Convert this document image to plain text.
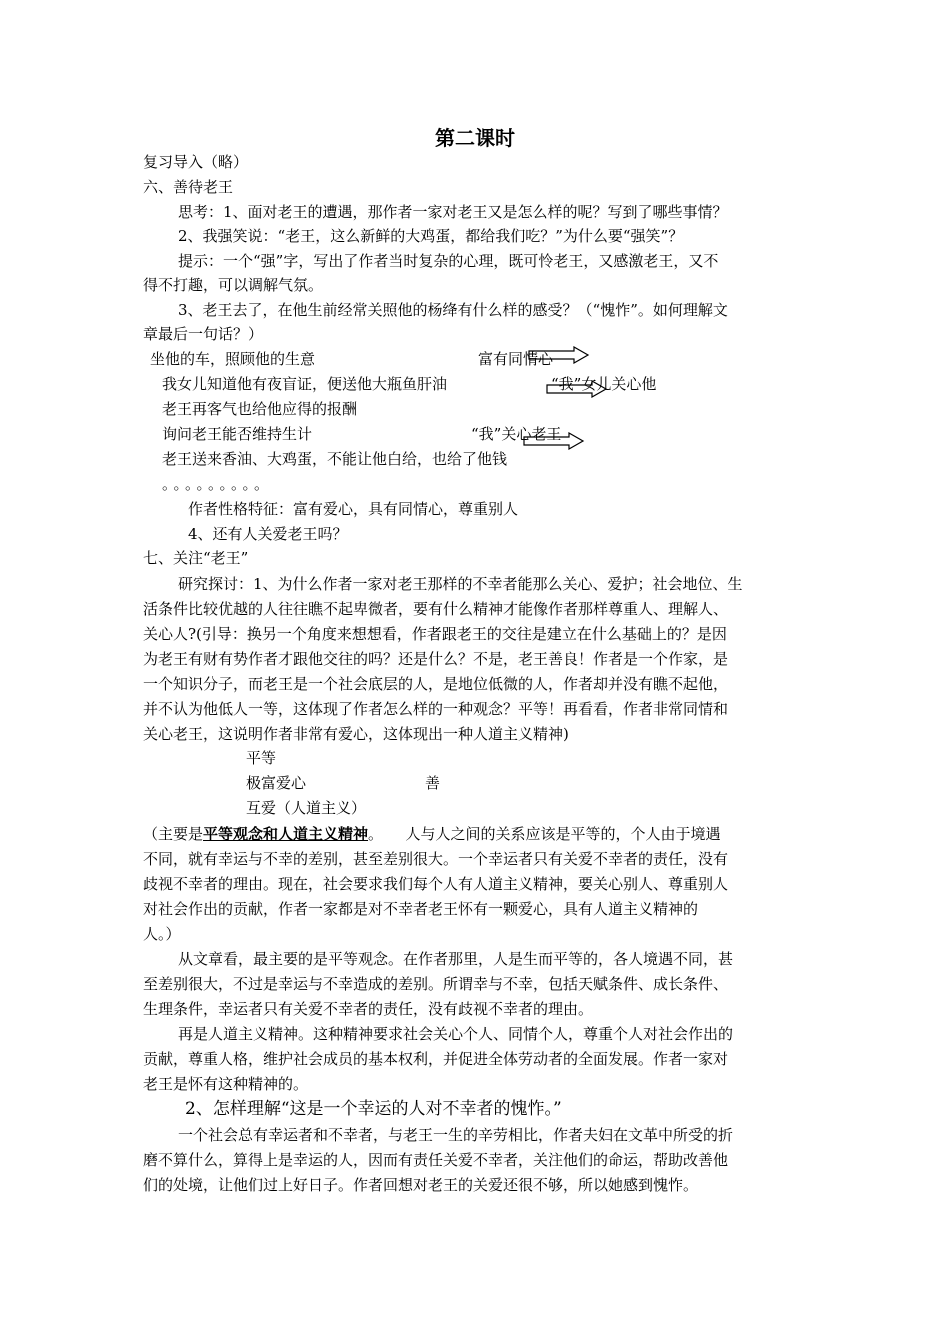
第二课时
复习导入（略）
六、善待老王
思考：1、面对老王的遭遇，那作者一家对老王又是怎么样的呢？写到了哪些事情？
2、我强笑说：“老王，这么新鲜的大鸡蛋，都给我们吃？”为什么要“强笑”？
提示：一个“强”字，写出了作者当时复杂的心理，既可怜老王，又感激老王，又不
得不打趣，可以调解气氛。
3、老王去了，在他生前经常关照他的杨绛有什么样的感受？（“愧怍”。如何理解文
章最后一句话？）
坐他的车，照顾他的生意	富有同情心
我女儿知道他有夜盲证，便送他大瓶鱼肝油	“我”女儿关心他
老王再客气也给他应得的报酬
询问老王能否维持生计	“我”关心老王
老王送来香油、大鸡蛋，不能让他白给，也给了他钱
。。。。。。。。。
作者性格特征：富有爱心，具有同情心，尊重别人
4、还有人关爱老王吗？
七、关注“老王”
研究探讨：1、为什么作者一家对老王那样的不幸者能那么关心、爱护；社会地位、生
活条件比较优越的人往往瞧不起卑微者，要有什么精神才能像作者那样尊重人、理解人、
关心人?(引导：换另一个角度来想想看，作者跟老王的交往是建立在什么基础上的？是因
为老王有财有势作者才跟他交往的吗？还是什么？不是，老王善良！作者是一个作家，是
一个知识分子，而老王是一个社会底层的人，是地位低微的人，作者却并没有瞧不起他，
并不认为他低人一等，这体现了作者怎么样的一种观念？平等！再看看，作者非常同情和
关心老王，这说明作者非常有爱心，这体现出一种人道主义精神)
平等
极富爱心	善
互爱（人道主义）
（主要是平等观念和人道主义精神。　　人与人之间的关系应该是平等的，个人由于境遇
不同，就有幸运与不幸的差别，甚至差别很大。一个幸运者只有关爱不幸者的责任，没有
歧视不幸者的理由。现在，社会要求我们每个人有人道主义精神，要关心别人、尊重别人
对社会作出的贡献，作者一家都是对不幸者老王怀有一颗爱心，具有人道主义精神的
人。）
从文章看，最主要的是平等观念。在作者那里，人是生而平等的，各人境遇不同，甚
至差别很大，不过是幸运与不幸造成的差别。所谓幸与不幸，包括天赋条件、成长条件、
生理条件，幸运者只有关爱不幸者的责任，没有歧视不幸者的理由。
再是人道主义精神。这种精神要求社会关心个人、同情个人，尊重个人对社会作出的
贡献，尊重人格，维护社会成员的基本权利，并促进全体劳动者的全面发展。作者一家对
老王是怀有这种精神的。
2、怎样理解“这是一个幸运的人对不幸者的愧怍。”
一个社会总有幸运者和不幸者，与老王一生的辛劳相比，作者夫妇在文革中所受的折
磨不算什么，算得上是幸运的人，因而有责任关爱不幸者，关注他们的命运，帮助改善他
们的处境，让他们过上好日子。作者回想对老王的关爱还很不够，所以她感到愧怍。
